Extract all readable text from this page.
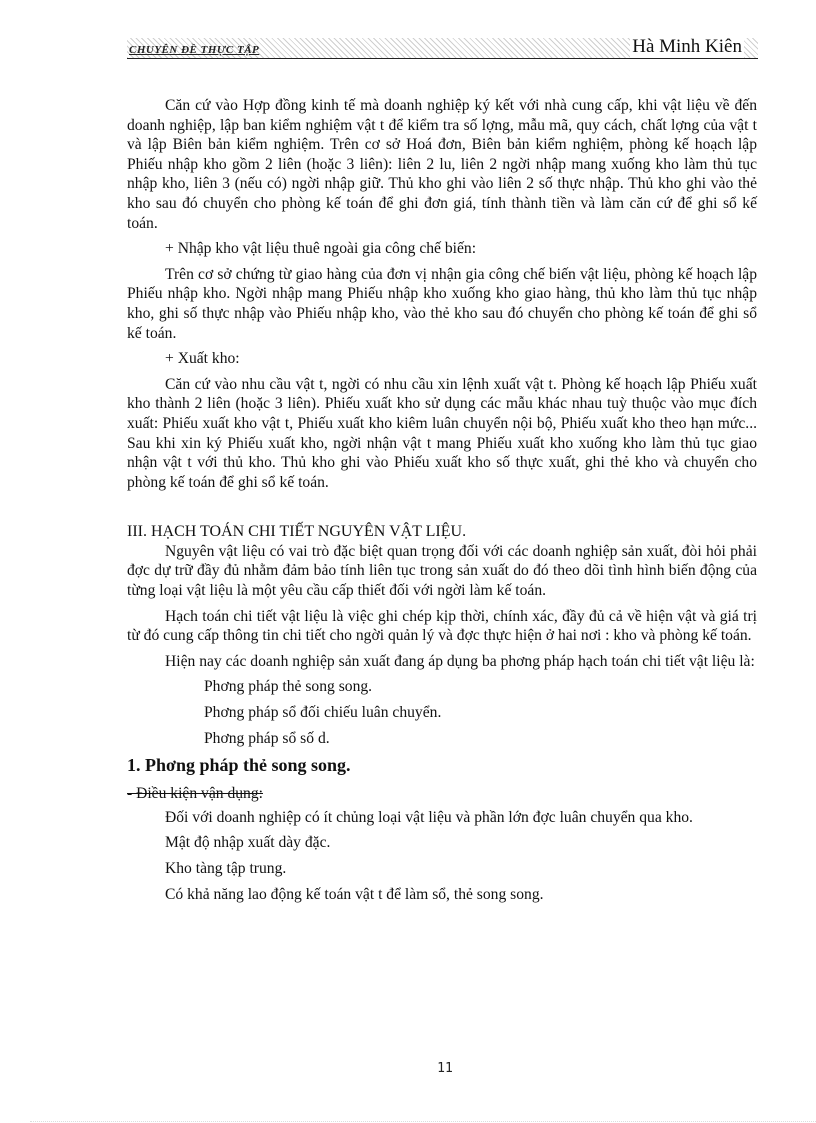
CHUYÊN ĐỀ THỰC TẬP	Hà Minh Kiên

Căn cứ vào Hợp đồng kinh tế mà doanh nghiệp ký kết với nhà cung cấp, khi vật liệu về đến doanh nghiệp, lập ban kiểm nghiệm vật t để kiểm tra số lợng, mẫu mã, quy cách, chất lợng của vật t và lập Biên bản kiểm nghiệm. Trên cơ sở Hoá đơn, Biên bản kiểm nghiệm, phòng kế hoạch lập Phiếu nhập kho gồm 2 liên (hoặc 3 liên): liên 2 lu, liên 2 ngời nhập mang xuống kho làm thủ tục nhập kho, liên 3 (nếu có) ngời nhập giữ. Thủ kho ghi vào liên 2 số thực nhập. Thủ kho ghi vào thẻ kho sau đó chuyển cho phòng kế toán để ghi đơn giá, tính thành tiền và làm căn cứ để ghi sổ kế toán.

+ Nhập kho vật liệu thuê ngoài gia công chế biến:

Trên cơ sở chứng từ giao hàng của đơn vị nhận gia công chế biến vật liệu, phòng kế hoạch lập Phiếu nhập kho. Ngời nhập mang Phiếu nhập kho xuống kho giao hàng, thủ kho làm thủ tục nhập kho, ghi số thực nhập vào Phiếu nhập kho, vào thẻ kho sau đó chuyển cho phòng kế toán để ghi sổ kế toán.

+ Xuất kho:

Căn cứ vào nhu cầu vật t, ngời có nhu cầu xin lệnh xuất vật t. Phòng kế hoạch lập Phiếu xuất kho thành 2 liên (hoặc 3 liên). Phiếu xuất kho sử dụng các mẫu khác nhau tuỳ thuộc vào mục đích xuất: Phiếu xuất kho vật t, Phiếu xuất kho kiêm luân chuyển nội bộ, Phiếu xuất kho theo hạn mức... Sau khi xin ký Phiếu xuất kho, ngời nhận vật t mang Phiếu xuất kho xuống kho làm thủ tục giao nhận vật t với thủ kho. Thủ kho ghi vào Phiếu xuất kho số thực xuất, ghi thẻ kho và chuyển cho phòng kế toán để ghi sổ kế toán.

III. HẠCH TOÁN CHI TIẾT NGUYÊN VẬT LIỆU.

Nguyên vật liệu có vai trò đặc biệt quan trọng đối với các doanh nghiệp sản xuất, đòi hỏi phải đợc dự trữ đầy đủ nhằm đảm bảo tính liên tục trong sản xuất do đó theo dõi tình hình biến động của từng loại vật liệu là một yêu cầu cấp thiết đối với ngời làm kế toán.

Hạch toán chi tiết vật liệu là việc ghi chép kịp thời, chính xác, đầy đủ cả về hiện vật và giá trị từ đó cung cấp thông tin chi tiết cho ngời quản lý và đợc thực hiện ở hai nơi : kho và phòng kế toán.

Hiện nay các doanh nghiệp sản xuất đang áp dụng ba phơng pháp hạch toán chi tiết vật liệu là:

Phơng pháp thẻ song song.

Phơng pháp sổ đối chiếu luân chuyển.

Phơng pháp sổ số d.

1. Phơng pháp thẻ song song.

- Điều kiện vận dụng:

Đối với doanh nghiệp có ít chủng loại vật liệu và phần lớn đợc luân chuyển qua kho.

Mật độ nhập xuất dày đặc.

Kho tàng tập trung.

Có khả năng lao động kế toán vật t để làm sổ, thẻ song song.

11
